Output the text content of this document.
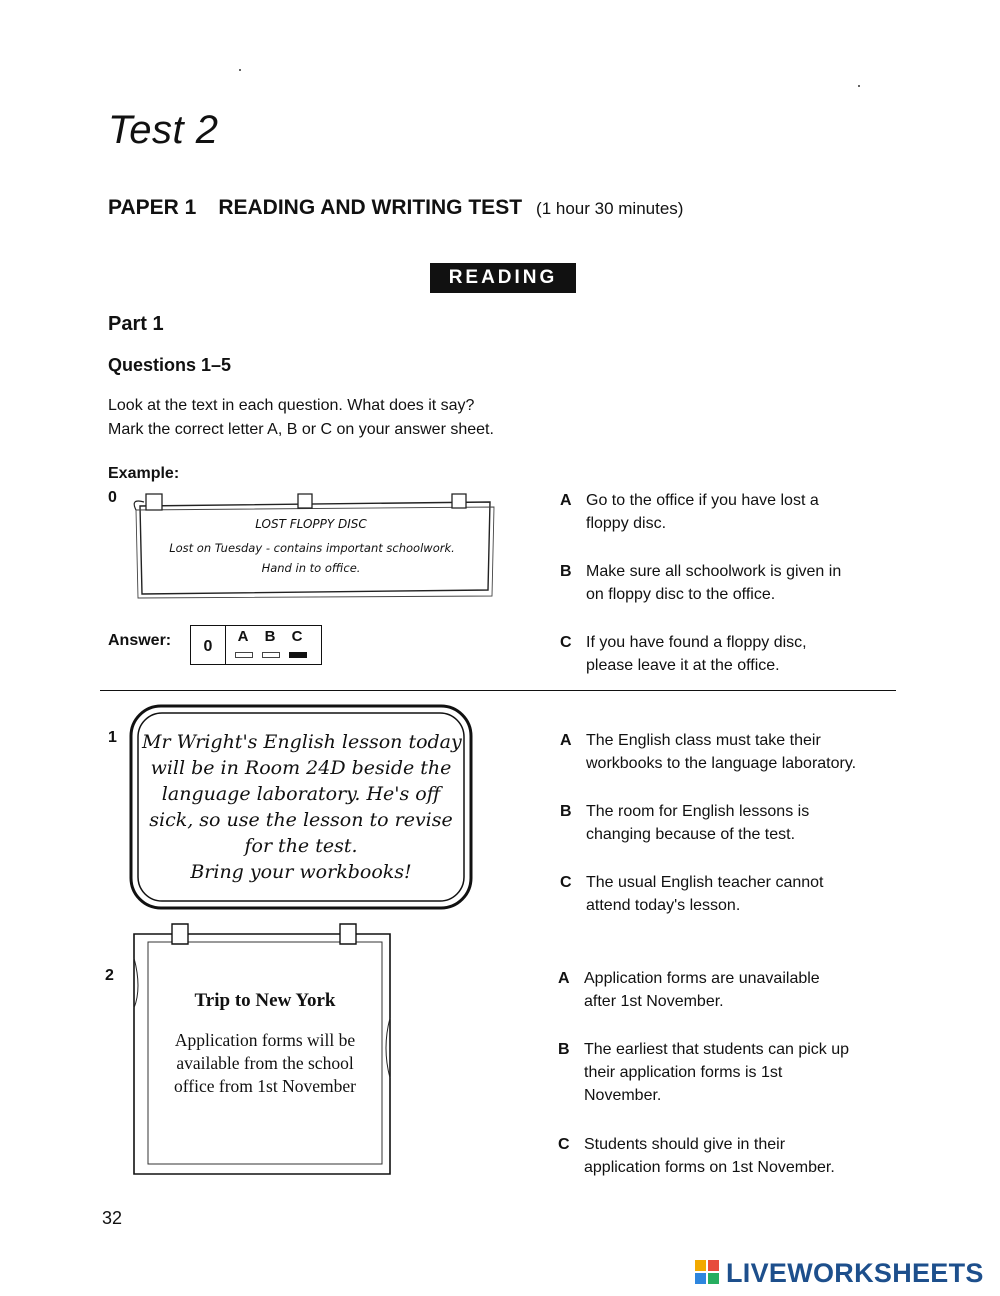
Test 2
PAPER 1 READING AND WRITING TEST (1 hour 30 minutes)
READING
Part 1
Questions 1–5
Look at the text in each question. What does it say?
Mark the correct letter A, B or C on your answer sheet.
Example:
0
LOST FLOPPY DISC
Lost on Tuesday - contains important schoolwork.
Hand in to office.
A Go to the office if you have lost a
floppy disc.
B Make sure all schoolwork is given in
on floppy disc to the office.
C If you have found a floppy disc,
please leave it at the office.
Answer:	0
A	B	C
1 Mr Wright's English lesson today
will be in Room 24D beside the
language laboratory. He's off
sick, so use the lesson to revise
for the test.
Bring your workbooks!
A The English class must take their
workbooks to the language laboratory.
B The room for English lessons is
changing because of the test.
C The usual English teacher cannot
attend today's lesson.
2
Trip to New York
Application forms will be
available from the school
office from 1st November
A Application forms are unavailable
after 1st November.
B The earliest that students can pick up
their application forms is 1st
November.
C Students should give in their
application forms on 1st November.
32
LIVEWORKSHEETS
